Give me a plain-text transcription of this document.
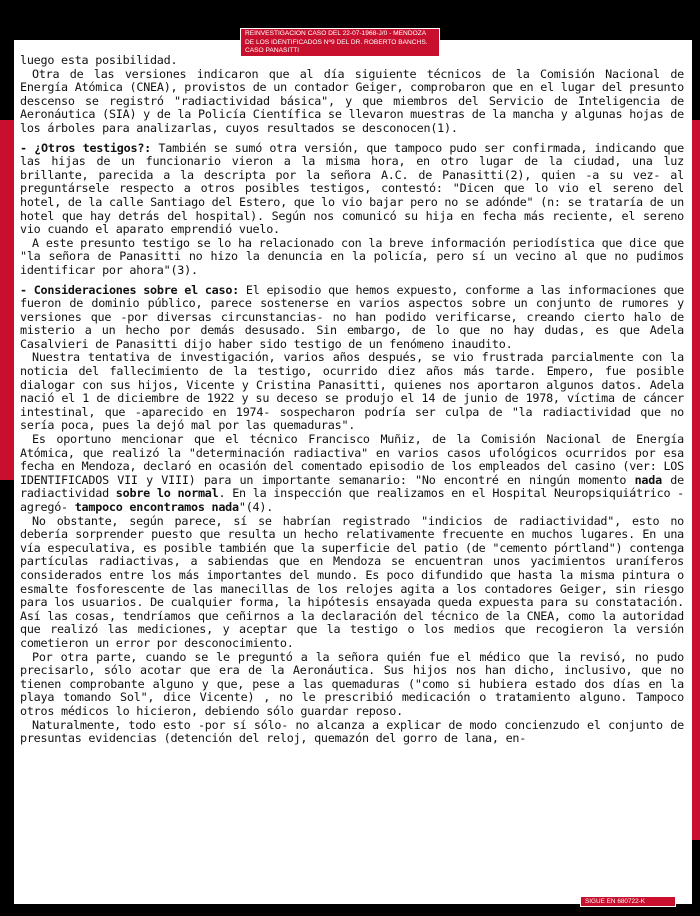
REINVESTIGACION CASO DEL 22-07-1968-J/0 - MENDOZA
DE LOS IDENTIFICADOS Nº9 DEL DR. ROBERTO BANCHS.
CASO PANASITTI

luego esta posibilidad.

Otra de las versiones indicaron que al día siguiente técnicos de la Comisión Nacional de Energía Atómica (CNEA), provistos de un contador Geiger, comprobaron que en el lugar del presunto descenso se registró "radiactividad básica", y que miembros del Servicio de Inteligencia de Aeronáutica (SIA) y de la Policía Científica se llevaron muestras de la mancha y algunas hojas de los árboles para analizarlas, cuyos resultados se desconocen(1).

- ¿Otros testigos?: También se sumó otra versión, que tampoco pudo ser confirmada, indicando que las hijas de un funcionario vieron a la misma hora, en otro lugar de la ciudad, una luz brillante, parecida a la descripta por la señora A.C. de Panasitti(2), quien -a su vez- al preguntársele respecto a otros posibles testigos, contestó: "Dicen que lo vio el sereno del hotel, de la calle Santiago del Estero, que lo vio bajar pero no se adónde" (n: se trataría de un hotel que hay detrás del hospital). Según nos comunicó su hija en fecha más reciente, el sereno vio cuando el aparato emprendió vuelo.

A este presunto testigo se lo ha relacionado con la breve información periodística que dice que "la señora de Panasitti no hizo la denuncia en la policía, pero sí un vecino al que no pudimos identificar por ahora"(3).

- Consideraciones sobre el caso: El episodio que hemos expuesto, conforme a las informaciones que fueron de dominio público, parece sostenerse en varios aspectos sobre un conjunto de rumores y versiones que -por diversas circunstancias- no han podido verificarse, creando cierto halo de misterio a un hecho por demás desusado. Sin embargo, de lo que no hay dudas, es que Adela Casalvieri de Panasitti dijo haber sido testigo de un fenómeno inaudito.

Nuestra tentativa de investigación, varios años después, se vio frustrada parcialmente con la noticia del fallecimiento de la testigo, ocurrido diez años más tarde. Empero, fue posible dialogar con sus hijos, Vicente y Cristina Panasitti, quienes nos aportaron algunos datos. Adela nació el 1 de diciembre de 1922 y su deceso se produjo el 14 de junio de 1978, víctima de cáncer intestinal, que -aparecido en 1974- sospecharon podría ser culpa de "la radiactividad que no sería poca, pues la dejó mal por las quemaduras".

Es oportuno mencionar que el técnico Francisco Muñiz, de la Comisión Nacional de Energía Atómica, que realizó la "determinación radiactiva" en varios casos ufológicos ocurridos por esa fecha en Mendoza, declaró en ocasión del comentado episodio de los empleados del casino (ver: LOS IDENTIFICADOS VII y VIII) para un importante semanario: "No encontré en ningún momento nada de radiactividad sobre lo normal. En la inspección que realizamos en el Hospital Neuropsiquiátrico -agregó- tampoco encontramos nada"(4).

No obstante, según parece, sí se habrían registrado "indicios de radiactividad", esto no debería sorprender puesto que resulta un hecho relativamente frecuente en muchos lugares. En una vía especulativa, es posible también que la superficie del patio (de "cemento pórtland") contenga partículas radiactivas, a sabiendas que en Mendoza se encuentran unos yacimientos uraníferos considerados entre los más importantes del mundo. Es poco difundido que hasta la misma pintura o esmalte fosforescente de las manecillas de los relojes agita a los contadores Geiger, sin riesgo para los usuarios. De cualquier forma, la hipótesis ensayada queda expuesta para su constatación. Así las cosas, tendríamos que ceñirnos a la declaración del técnico de la CNEA, como la autoridad que realizó las mediciones, y aceptar que la testigo o los medios que recogieron la versión cometieron un error por desconocimiento.

Por otra parte, cuando se le preguntó a la señora quién fue el médico que la revisó, no pudo precisarlo, sólo acotar que era de la Aeronáutica. Sus hijos nos han dicho, inclusivo, que no tienen comprobante alguno y que, pese a las quemaduras ("como si hubiera estado dos días en la playa tomando Sol", dice Vicente) , no le prescribió medicación o tratamiento alguno. Tampoco otros médicos lo hicieron, debiendo sólo guardar reposo.

Naturalmente, todo esto -por sí sólo- no alcanza a explicar de modo concienzudo el conjunto de presuntas evidencias (detención del reloj, quemazón del gorro de lana, en-

SIGUE EN 680722-K
